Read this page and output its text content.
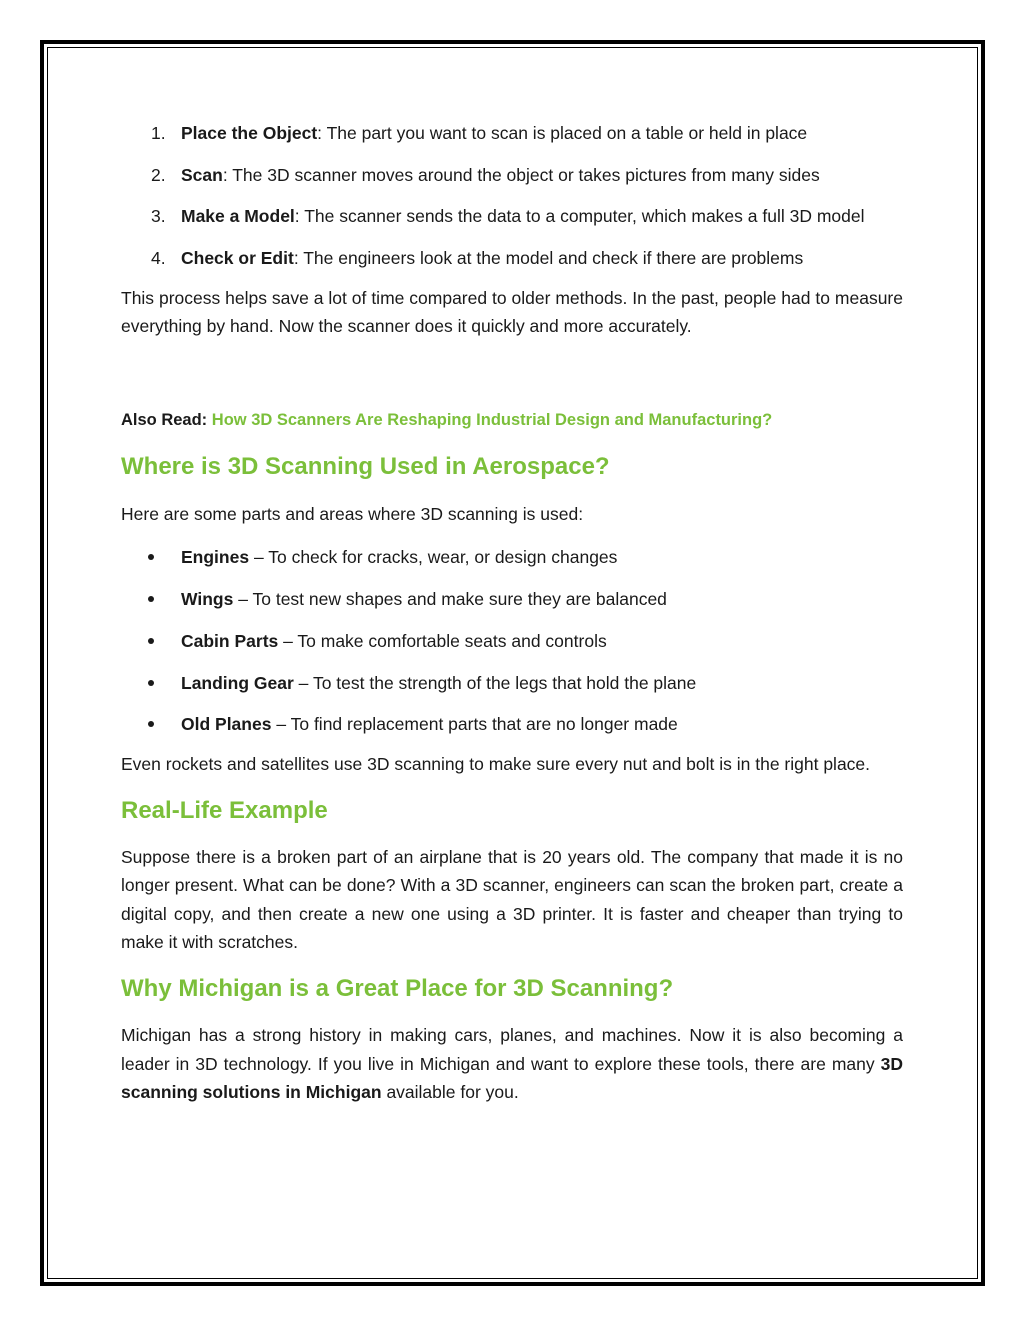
1. Place the Object: The part you want to scan is placed on a table or held in place
2. Scan: The 3D scanner moves around the object or takes pictures from many sides
3. Make a Model: The scanner sends the data to a computer, which makes a full 3D model
4. Check or Edit: The engineers look at the model and check if there are problems

This process helps save a lot of time compared to older methods. In the past, people had to measure everything by hand. Now the scanner does it quickly and more accurately.

Also Read: How 3D Scanners Are Reshaping Industrial Design and Manufacturing?

Where is 3D Scanning Used in Aerospace?

Here are some parts and areas where 3D scanning is used:

Engines – To check for cracks, wear, or design changes
Wings – To test new shapes and make sure they are balanced
Cabin Parts – To make comfortable seats and controls
Landing Gear – To test the strength of the legs that hold the plane
Old Planes – To find replacement parts that are no longer made

Even rockets and satellites use 3D scanning to make sure every nut and bolt is in the right place.

Real-Life Example

Suppose there is a broken part of an airplane that is 20 years old. The company that made it is no longer present. What can be done? With a 3D scanner, engineers can scan the broken part, create a digital copy, and then create a new one using a 3D printer. It is faster and cheaper than trying to make it with scratches.

Why Michigan is a Great Place for 3D Scanning?

Michigan has a strong history in making cars, planes, and machines. Now it is also becoming a leader in 3D technology. If you live in Michigan and want to explore these tools, there are many 3D scanning solutions in Michigan available for you.
